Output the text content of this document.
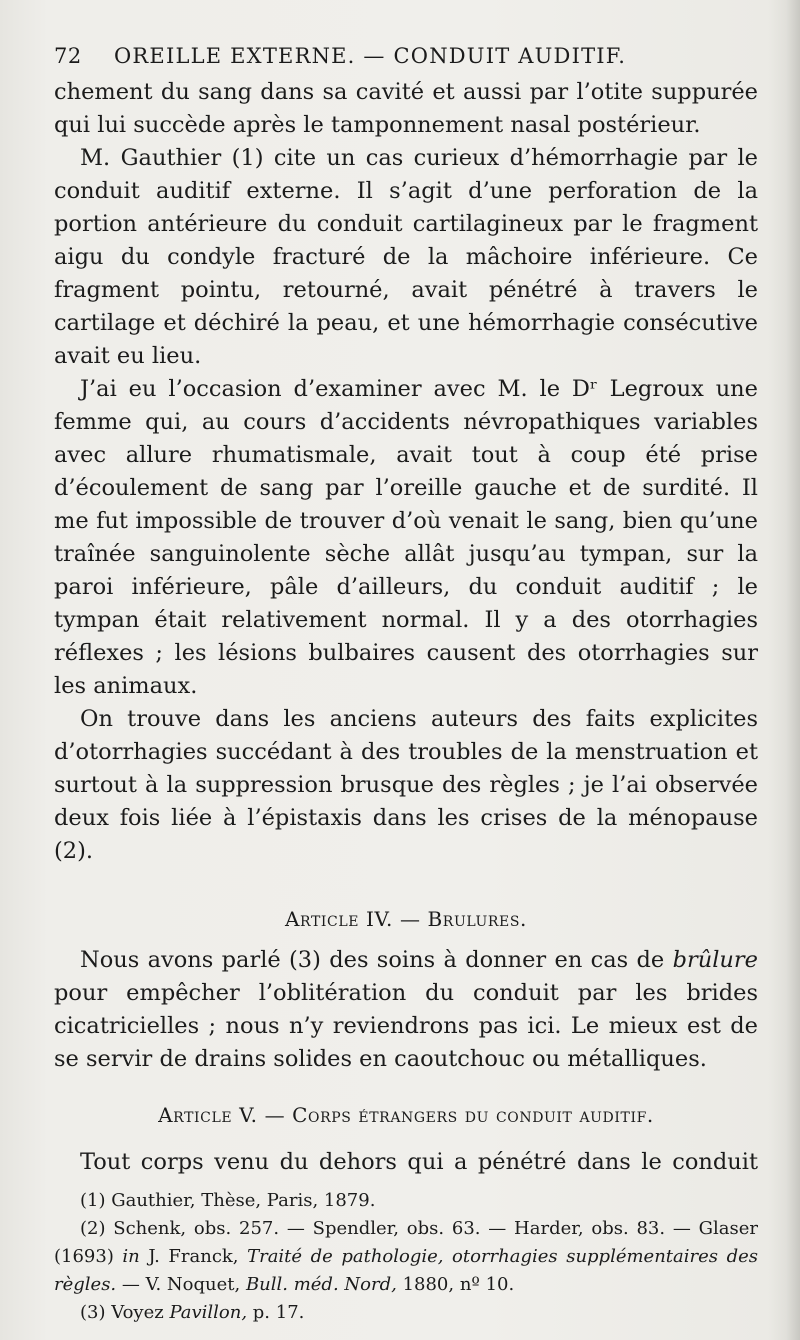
72	OREILLE EXTERNE. — CONDUIT AUDITIF.

chement du sang dans sa cavité et aussi par l’otite suppurée qui lui succède après le tamponnement nasal postérieur.

M. Gauthier (1) cite un cas curieux d’hémorrhagie par le conduit auditif externe. Il s’agit d’une perforation de la portion antérieure du conduit cartilagineux par le fragment aigu du condyle fracturé de la mâchoire inférieure. Ce fragment pointu, retourné, avait pénétré à travers le cartilage et déchiré la peau, et une hémorrhagie consécutive avait eu lieu.

J’ai eu l’occasion d’examiner avec M. le Dʳ Legroux une femme qui, au cours d’accidents névropathiques variables avec allure rhumatismale, avait tout à coup été prise d’écoulement de sang par l’oreille gauche et de surdité. Il me fut impossible de trouver d’où venait le sang, bien qu’une traînée sanguinolente sèche allât jusqu’au tympan, sur la paroi inférieure, pâle d’ailleurs, du conduit auditif ; le tympan était relativement normal. Il y a des otorrhagies réflexes ; les lésions bulbaires causent des otorrhagies sur les animaux.

On trouve dans les anciens auteurs des faits explicites d’otorrhagies succédant à des troubles de la menstruation et surtout à la suppression brusque des règles ; je l’ai observée deux fois liée à l’épistaxis dans les crises de la ménopause (2).

Article IV. — Brulures.

Nous avons parlé (3) des soins à donner en cas de brûlure pour empêcher l’oblitération du conduit par les brides cicatricielles ; nous n’y reviendrons pas ici. Le mieux est de se servir de drains solides en caoutchouc ou métalliques.

Article V. — Corps étrangers du conduit auditif.

Tout corps venu du dehors qui a pénétré dans le conduit

(1) Gauthier, Thèse, Paris, 1879.

(2) Schenk, obs. 257. — Spendler, obs. 63. — Harder, obs. 83. — Glaser (1693) in J. Franck, Traité de pathologie, otorrhagies supplémentaires des règles. — V. Noquet, Bull. méd. Nord, 1880, nº 10.

(3) Voyez Pavillon, p. 17.
